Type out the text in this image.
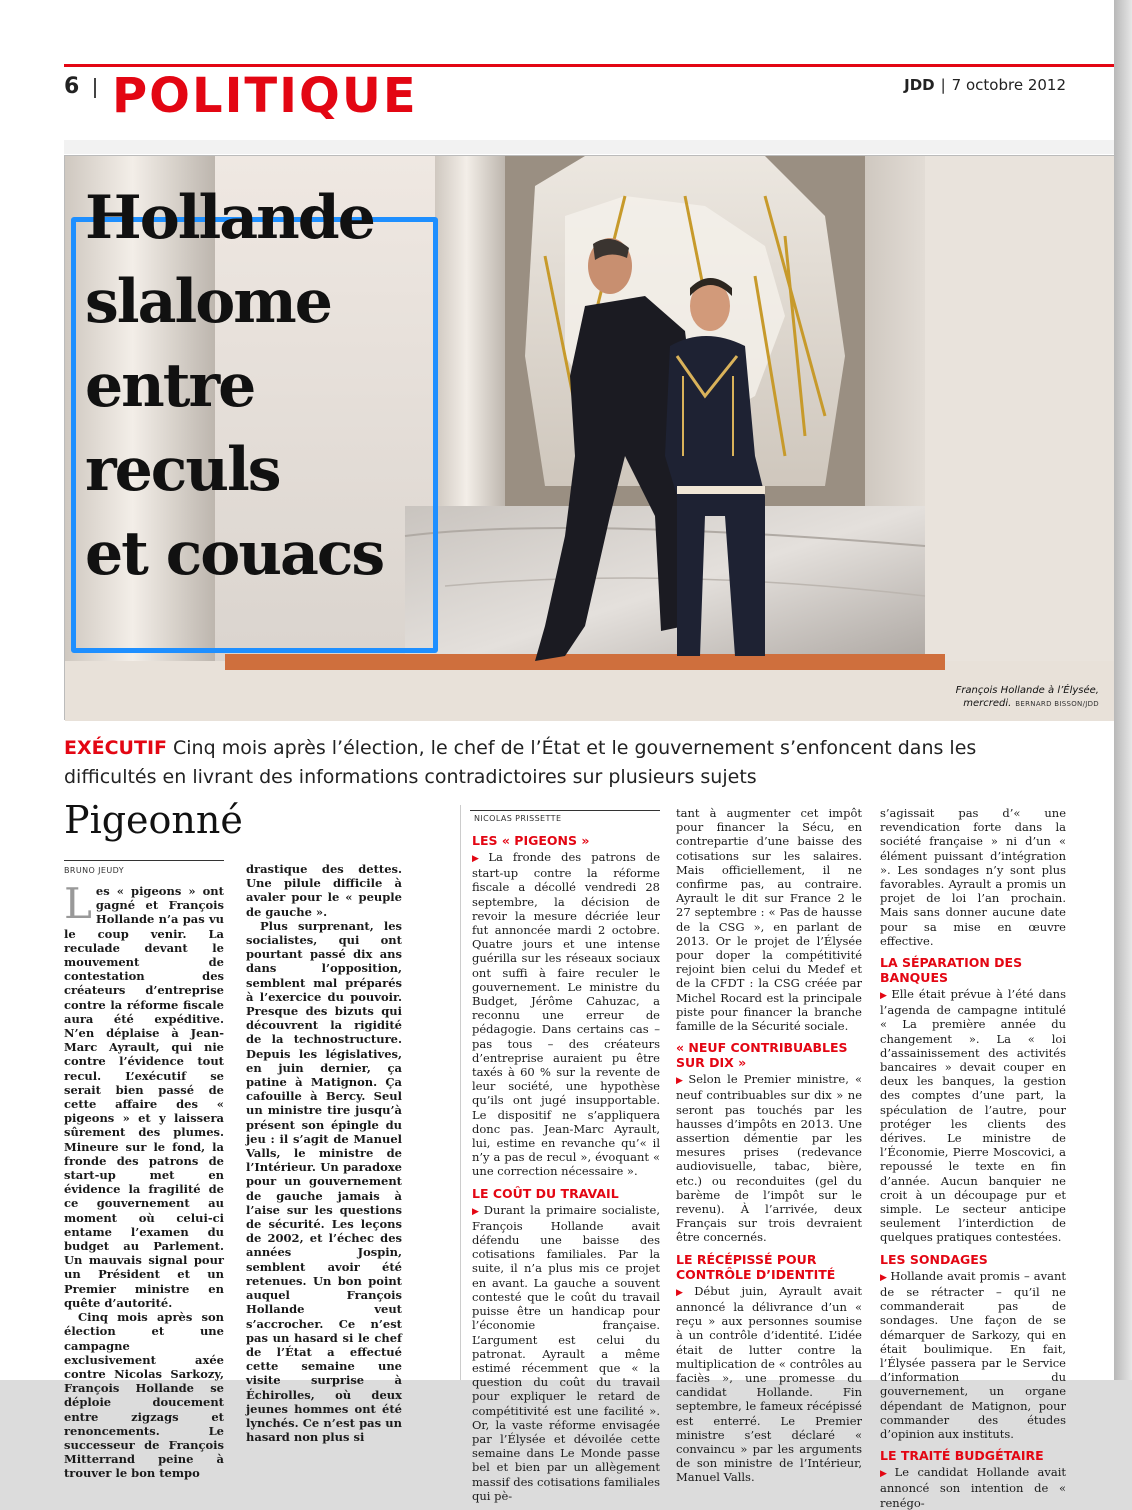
6 POLITIQUE	JDD | 7 octobre 2012
Hollande
slalome
entre
reculs
et couacs
François Hollande à l’Élysée,
mercredi. BERNARD BISSON/JDD
EXÉCUTIF Cinq mois après l’élection, le chef de l’État et le gouvernement s’enfoncent dans les difficultés en livrant des informations contradictoires sur plusieurs sujets
Pigeonné
BRUNO JEUDY

Les « pigeons » ont gagné et François Hollande n’a pas vu le coup venir. La reculade devant le mouvement de contestation des créateurs d’entreprise contre la réforme fiscale aura été expéditive. N’en déplaise à Jean-Marc Ayrault, qui nie contre l’évidence tout recul. L’exécutif se serait bien passé de cette affaire des « pigeons » et y laissera sûrement des plumes. Mineure sur le fond, la fronde des patrons de start-up met en évidence la fragilité de ce gouvernement au moment où celui-ci entame l’examen du budget au Parlement. Un mauvais signal pour un Président et un Premier ministre en quête d’autorité.

Cinq mois après son élection et une campagne exclusivement axée contre Nicolas Sarkozy, François Hollande se déploie doucement entre zigzags et renoncements. Le successeur de François Mitterrand peine à trouver le bon tempo

drastique des dettes. Une pilule difficile à avaler pour le « peuple de gauche ».

Plus surprenant, les socialistes, qui ont pourtant passé dix ans dans l’opposition, semblent mal préparés à l’exercice du pouvoir. Presque des bizuts qui découvrent la rigidité de la technostructure. Depuis les législatives, en juin dernier, ça patine à Matignon. Ça cafouille à Bercy. Seul un ministre tire jusqu’à présent son épingle du jeu : il s’agit de Manuel Valls, le ministre de l’Intérieur. Un paradoxe pour un gouvernement de gauche jamais à l’aise sur les questions de sécurité. Les leçons de 2002, et l’échec des années Jospin, semblent avoir été retenues. Un bon point auquel François Hollande veut s’accrocher. Ce n’est pas un hasard si le chef de l’État a effectué cette semaine une visite surprise à Échirolles, où deux jeunes hommes ont été lynchés. Ce n’est pas un hasard non plus si

NICOLAS PRISSETTE
LES « PIGEONS »

▶ La fronde des patrons de start-up contre la réforme fiscale a décollé vendredi 28 septembre, la décision de revoir la mesure décriée leur fut annoncée mardi 2 octobre. Quatre jours et une intense guérilla sur les réseaux sociaux ont suffi à faire reculer le gouvernement. Le ministre du Budget, Jérôme Cahuzac, a reconnu une erreur de pédagogie. Dans certains cas – pas tous – des créateurs d’entreprise auraient pu être taxés à 60 % sur la revente de leur société, une hypothèse qu’ils ont jugé insupportable. Le dispositif ne s’appliquera donc pas. Jean-Marc Ayrault, lui, estime en revanche qu’« il n’y a pas de recul », évoquant « une correction nécessaire ».

LE COÛT DU TRAVAIL

▶ Durant la primaire socialiste, François Hollande avait défendu une baisse des cotisations familiales. Par la suite, il n’a plus mis ce projet en avant. La gauche a souvent contesté que le coût du travail puisse être un handicap pour l’économie française. L’argument est celui du patronat. Ayrault a même estimé récemment que « la question du coût du travail pour expliquer le retard de compétitivité est une facilité ». Or, la vaste réforme envisagée par l’Élysée et dévoilée cette semaine dans Le Monde passe bel et bien par un allègement massif des cotisations familiales qui pè-

tant à augmenter cet impôt pour financer la Sécu, en contrepartie d’une baisse des cotisations sur les salaires. Mais officiellement, il ne confirme pas, au contraire. Ayrault le dit sur France 2 le 27 septembre : « Pas de hausse de la CSG », en parlant de 2013. Or le projet de l’Élysée pour doper la compétitivité rejoint bien celui du Medef et de la CFDT : la CSG créée par Michel Rocard est la principale piste pour financer la branche famille de la Sécurité sociale.

« NEUF CONTRIBUABLES SUR DIX »

▶ Selon le Premier ministre, « neuf contribuables sur dix » ne seront pas touchés par les hausses d’impôts en 2013. Une assertion démentie par les mesures prises (redevance audiovisuelle, tabac, bière, etc.) ou reconduites (gel du barème de l’impôt sur le revenu). À l’arrivée, deux Français sur trois devraient être concernés.

LE RÉCÉPISSÉ POUR CONTRÔLE D’IDENTITÉ

▶ Début juin, Ayrault avait annoncé la délivrance d’un « reçu » aux personnes soumise à un contrôle d’identité. L’idée était de lutter contre la multiplication de « contrôles au faciès », une promesse du candidat Hollande. Fin septembre, le fameux récépissé est enterré. Le Premier ministre s’est déclaré « convaincu » par les arguments de son ministre de l’Intérieur, Manuel Valls.

s’agissait pas d’« une revendication forte dans la société française » ni d’un « élément puissant d’intégration ». Les sondages n’y sont plus favorables. Ayrault a promis un projet de loi l’an prochain. Mais sans donner aucune date pour sa mise en œuvre effective.

LA SÉPARATION DES BANQUES

▶ Elle était prévue à l’été dans l’agenda de campagne intitulé « La première année du changement ». La « loi d’assainissement des activités bancaires » devait couper en deux les banques, la gestion des comptes d’une part, la spéculation de l’autre, pour protéger les clients des dérives. Le ministre de l’Économie, Pierre Moscovici, a repoussé le texte en fin d’année. Aucun banquier ne croit à un découpage pur et simple. Le secteur anticipe seulement l’interdiction de quelques pratiques contestées.

LES SONDAGES

▶ Hollande avait promis – avant de se rétracter – qu’il ne commanderait pas de sondages. Une façon de se démarquer de Sarkozy, qui en était boulimique. En fait, l’Élysée passera par le Service d’information du gouvernement, un organe dépendant de Matignon, pour commander des études d’opinion aux instituts.

LE TRAITÉ BUDGÉTAIRE

▶ Le candidat Hollande avait annoncé son intention de « renégo-
